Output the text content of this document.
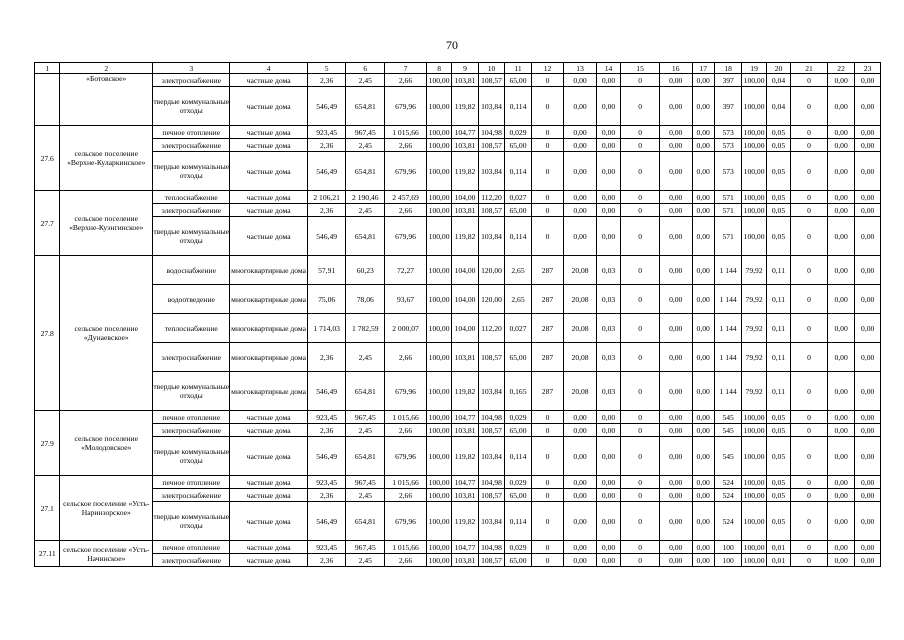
70
1	2	3	4	5	6	7	8	9	10	11	12	13	14	15	16	17	18	19	20	21	22	23
	«Ботовское»	электроснабжение	частные дома	2,36	2,45	2,66	100,00	103,81	108,57	65,00	0	0,00	0,00	0	0,00	0,00	397	100,00	0,04	0	0,00	0,00
		твердые коммунальные отходы	частные дома	546,49	654,81	679,96	100,00	119,82	103,84	0,114	0	0,00	0,00	0	0,00	0,00	397	100,00	0,04	0	0,00	0,00
27.6	сельское поселение «Верхне-Куларкинское»	печное отопление	частные дома	923,45	967,45	1 015,66	100,00	104,77	104,98	0,029	0	0,00	0,00	0	0,00	0,00	573	100,00	0,05	0	0,00	0,00
		электроснабжение	частные дома	2,36	2,45	2,66	100,00	103,81	108,57	65,00	0	0,00	0,00	0	0,00	0,00	573	100,00	0,05	0	0,00	0,00
		твердые коммунальные отходы	частные дома	546,49	654,81	679,96	100,00	119,82	103,84	0,114	0	0,00	0,00	0	0,00	0,00	573	100,00	0,05	0	0,00	0,00
27.7	сельское поселение «Верхне-Куэнгинское»	теплоснабжение	частные дома	2 106,21	2 190,46	2 457,69	100,00	104,00	112,20	0,027	0	0,00	0,00	0	0,00	0,00	571	100,00	0,05	0	0,00	0,00
		электроснабжение	частные дома	2,36	2,45	2,66	100,00	103,81	108,57	65,00	0	0,00	0,00	0	0,00	0,00	571	100,00	0,05	0	0,00	0,00
		твердые коммунальные отходы	частные дома	546,49	654,81	679,96	100,00	119,82	103,84	0,114	0	0,00	0,00	0	0,00	0,00	571	100,00	0,05	0	0,00	0,00
27.8	сельское поселение «Дунаевское»	водоснабжение	многоквартирные дома	57,91	60,23	72,27	100,00	104,00	120,00	2,65	287	20,08	0,03	0	0,00	0,00	1 144	79,92	0,11	0	0,00	0,00
		водоотведение	многоквартирные дома	75,06	78,06	93,67	100,00	104,00	120,00	2,65	287	20,08	0,03	0	0,00	0,00	1 144	79,92	0,11	0	0,00	0,00
		теплоснабжение	многоквартирные дома	1 714,03	1 782,59	2 000,07	100,00	104,00	112,20	0,027	287	20,08	0,03	0	0,00	0,00	1 144	79,92	0,11	0	0,00	0,00
		электроснабжение	многоквартирные дома	2,36	2,45	2,66	100,00	103,81	108,57	65,00	287	20,08	0,03	0	0,00	0,00	1 144	79,92	0,11	0	0,00	0,00
		твердые коммунальные отходы	многоквартирные дома	546,49	654,81	679,96	100,00	119,82	103,84	0,165	287	20,08	0,03	0	0,00	0,00	1 144	79,92	0,11	0	0,00	0,00
27.9	сельское поселение «Молодовское»	печное отопление	частные дома	923,45	967,45	1 015,66	100,00	104,77	104,98	0,029	0	0,00	0,00	0	0,00	0,00	545	100,00	0,05	0	0,00	0,00
		электроснабжение	частные дома	2,36	2,45	2,66	100,00	103,81	108,57	65,00	0	0,00	0,00	0	0,00	0,00	545	100,00	0,05	0	0,00	0,00
		твердые коммунальные отходы	частные дома	546,49	654,81	679,96	100,00	119,82	103,84	0,114	0	0,00	0,00	0	0,00	0,00	545	100,00	0,05	0	0,00	0,00
27.1	сельское поселение «Усть-Наринзорское»	печное отопление	частные дома	923,45	967,45	1 015,66	100,00	104,77	104,98	0,029	0	0,00	0,00	0	0,00	0,00	524	100,00	0,05	0	0,00	0,00
		электроснабжение	частные дома	2,36	2,45	2,66	100,00	103,81	108,57	65,00	0	0,00	0,00	0	0,00	0,00	524	100,00	0,05	0	0,00	0,00
		твердые коммунальные отходы	частные дома	546,49	654,81	679,96	100,00	119,82	103,84	0,114	0	0,00	0,00	0	0,00	0,00	524	100,00	0,05	0	0,00	0,00
27.11	сельское поселение «Усть-Начинское»	печное отопление	частные дома	923,45	967,45	1 015,66	100,00	104,77	104,98	0,029	0	0,00	0,00	0	0,00	0,00	100	100,00	0,01	0	0,00	0,00
		электроснабжение	частные дома	2,36	2,45	2,66	100,00	103,81	108,57	65,00	0	0,00	0,00	0	0,00	0,00	100	100,00	0,01	0	0,00	0,00
